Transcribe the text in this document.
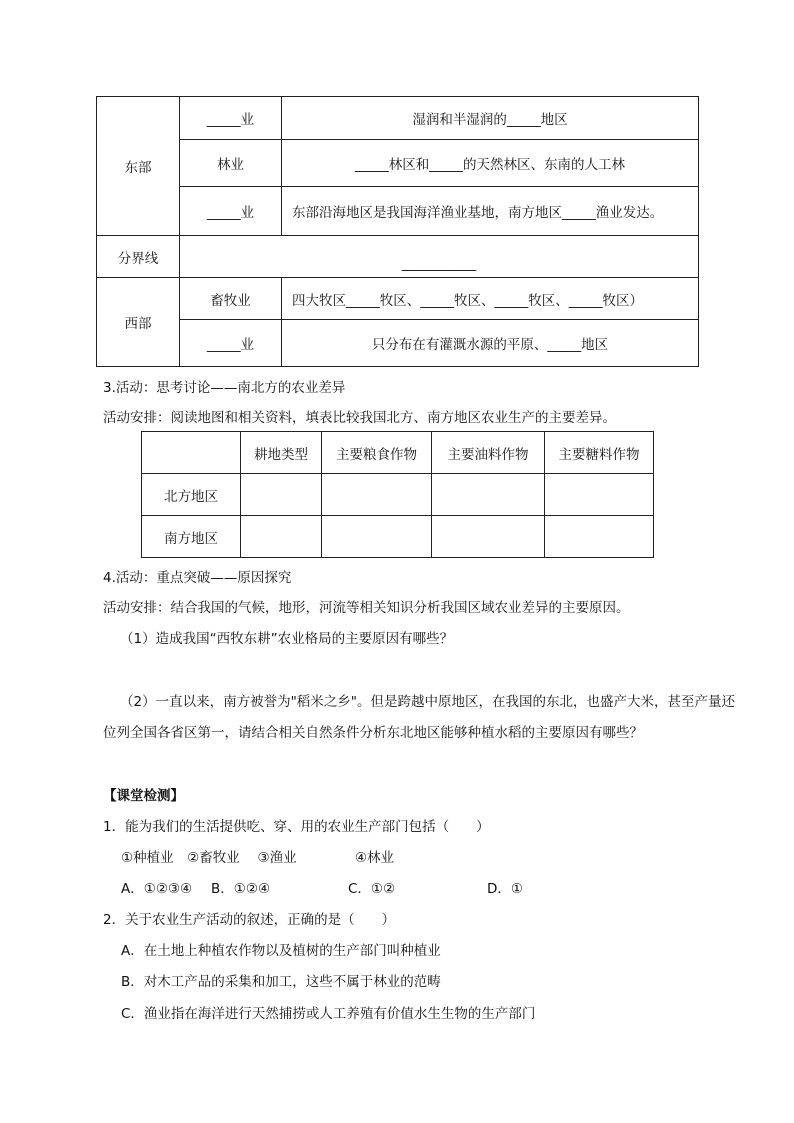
东部	_____业	湿润和半湿润的_____地区
	林业	_____林区和_____的天然林区、东南的人工林
	_____业	东部沿海地区是我国海洋渔业基地，南方地区_____渔业发达。
分界线	___________	
西部	畜牧业	四大牧区_____牧区、_____牧区、_____牧区、_____牧区）
	_____业	只分布在有灌溉水源的平原、_____地区
3.活动：思考讨论——南北方的农业差异
活动安排：阅读地图和相关资料，填表比较我国北方、南方地区农业生产的主要差异。
	耕地类型	主要粮食作物	主要油料作物	主要糖料作物
北方地区				
南方地区				
4.活动：重点突破——原因探究
活动安排：结合我国的气候，地形，河流等相关知识分析我国区域农业差异的主要原因。
（1）造成我国“西牧东耕”农业格局的主要原因有哪些？
（2）一直以来，南方被誉为"稻米之乡"。但是跨越中原地区，在我国的东北，也盛产大米，甚至产量还
位列全国各省区第一，请结合相关自然条件分析东北地区能够种植水稻的主要原因有哪些？
【课堂检测】
1．能为我们的生活提供吃、穿、用的农业生产部门包括（　　）
①种植业　②畜牧业　 ③渔业　　　　 ④林业
A．①②③④ B．①②④	C．①②	D．①
2．关于农业生产活动的叙述，正确的是（　　）
A．在土地上种植农作物以及植树的生产部门叫种植业
B．对木工产品的采集和加工，这些不属于林业的范畴
C．渔业指在海洋进行天然捕捞或人工养殖有价值水生生物的生产部门
